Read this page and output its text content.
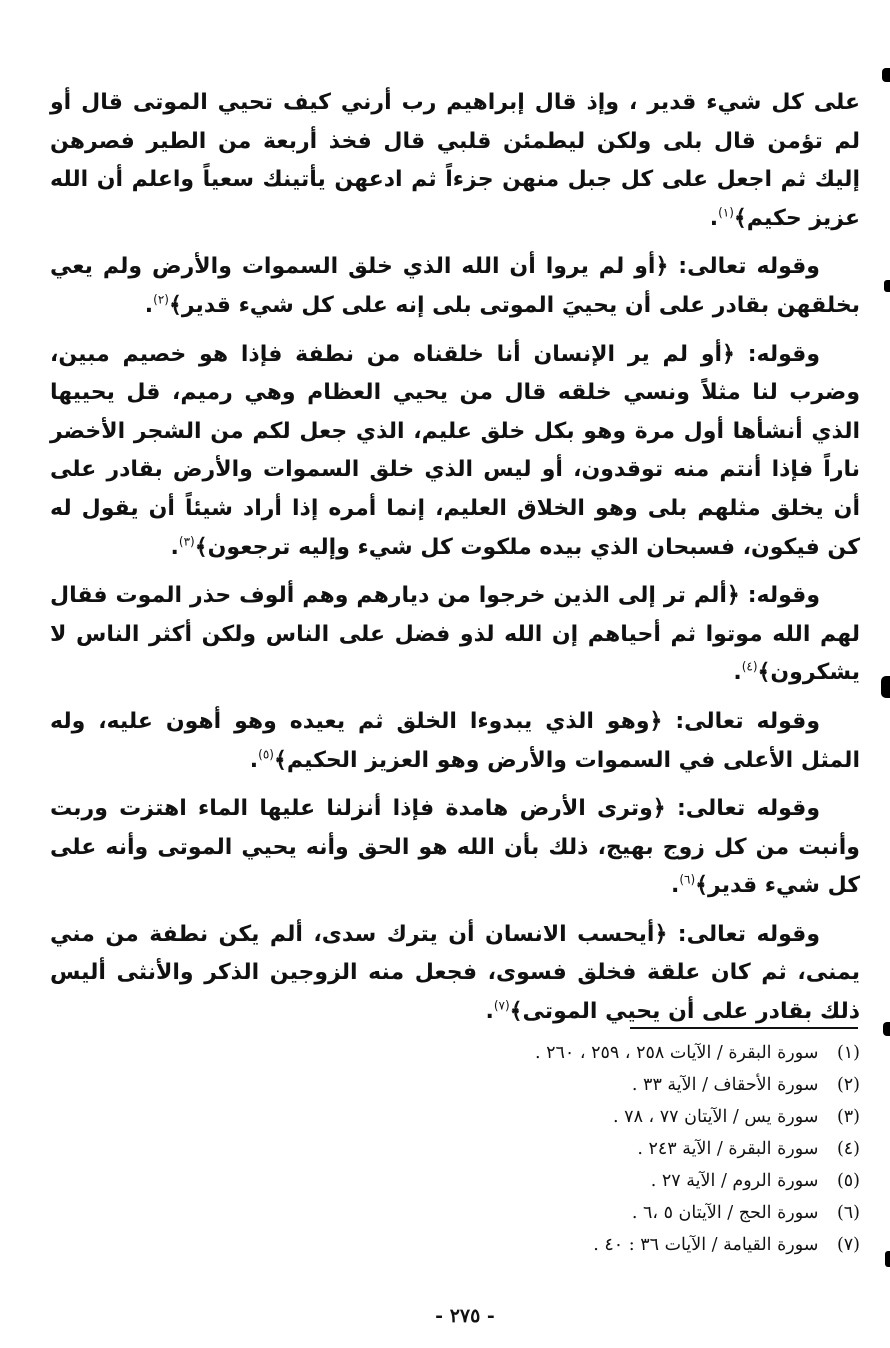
على كل شيء قدير ، وإذ قال إبراهيم رب أرني كيف تحيي الموتى قال أو لم تؤمن قال بلى ولكن ليطمئن قلبي قال فخذ أربعة من الطير فصرهن إليك ثم اجعل على كل جبل منهن جزءاً ثم ادعهن يأتينك سعياً واعلم أن الله عزيز حكيم﴾$^{(١)}$.

وقوله تعالى: ﴿أو لم يروا أن الله الذي خلق السموات والأرض ولم يعي بخلقهن بقادر على أن يحييَ الموتى بلى إنه على كل شيء قدير﴾$^{(٢)}$.

وقوله: ﴿أو لم ير الإنسان أنا خلقناه من نطفة فإذا هو خصيم مبين، وضرب لنا مثلاً ونسي خلقه قال من يحيي العظام وهي رميم، قل يحييها الذي أنشأها أول مرة وهو بكل خلق عليم، الذي جعل لكم من الشجر الأخضر ناراً فإذا أنتم منه توقدون، أو ليس الذي خلق السموات والأرض بقادر على أن يخلق مثلهم بلى وهو الخلاق العليم، إنما أمره إذا أراد شيئاً أن يقول له كن فيكون، فسبحان الذي بيده ملكوت كل شيء وإليه ترجعون﴾$^{(٣)}$.

وقوله: ﴿ألم تر إلى الذين خرجوا من ديارهم وهم ألوف حذر الموت فقال لهم الله موتوا ثم أحياهم إن الله لذو فضل على الناس ولكن أكثر الناس لا يشكرون﴾$^{(٤)}$.

وقوله تعالى: ﴿وهو الذي يبدوءا الخلق ثم يعيده وهو أهون عليه، وله المثل الأعلى في السموات والأرض وهو العزيز الحكيم﴾$^{(٥)}$.

وقوله تعالى: ﴿وترى الأرض هامدة فإذا أنزلنا عليها الماء اهتزت وربت وأنبت من كل زوج بهيج، ذلك بأن الله هو الحق وأنه يحيي الموتى وأنه على كل شيء قدير﴾$^{(٦)}$.

وقوله تعالى: ﴿أيحسب الانسان أن يترك سدى، ألم يكن نطفة من مني يمنى، ثم كان علقة فخلق فسوى، فجعل منه الزوجين الذكر والأنثى أليس ذلك بقادر على أن يحيي الموتى﴾$^{(٧)}$.

(١) سورة البقرة / الآيات ٢٥٨ ، ٢٥٩ ، ٢٦٠ .
(٢) سورة الأحقاف / الآية ٣٣ .
(٣) سورة يس / الآيتان ٧٧ ، ٧٨ .
(٤) سورة البقرة / الآية ٢٤٣ .
(٥) سورة الروم / الآية ٢٧ .
(٦) سورة الحج / الآيتان ٥ ،٦ .
(٧) سورة القيامة / الآيات ٣٦ : ٤٠ .
- ٢٧٥ -
